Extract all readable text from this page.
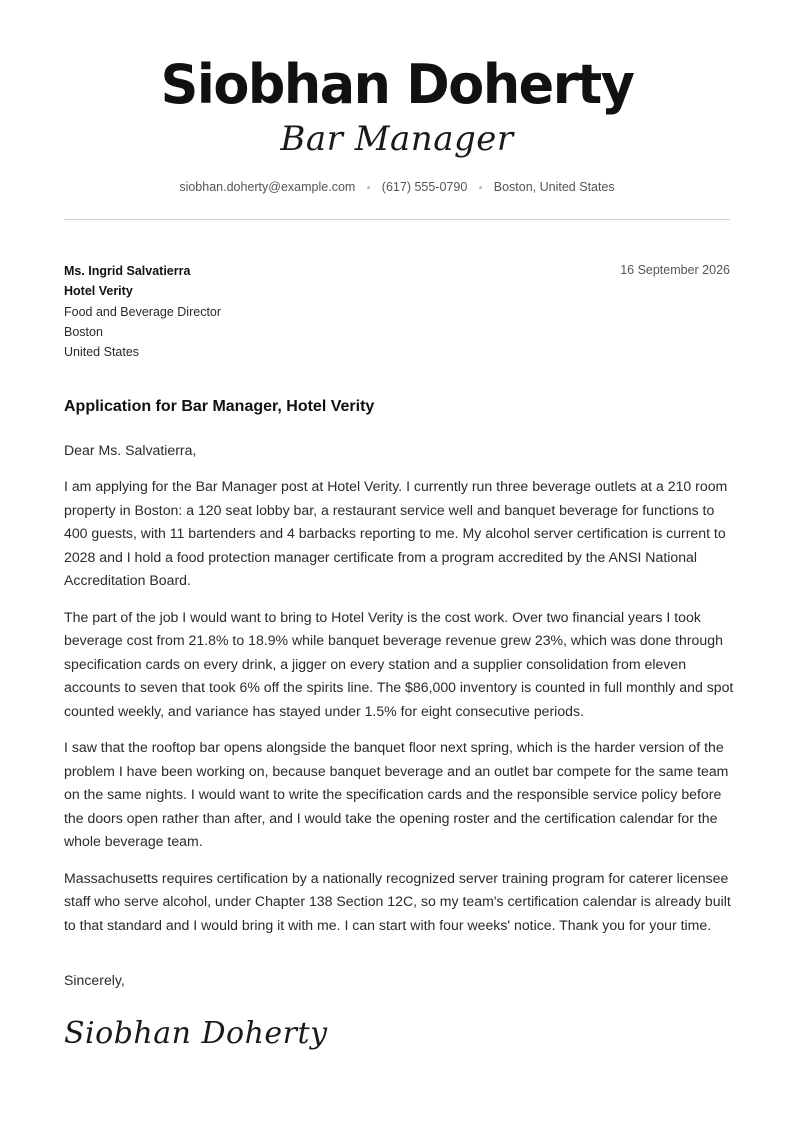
Siobhan Doherty
Bar Manager
siobhan.doherty@example.com • (617) 555-0790 • Boston, United States
Ms. Ingrid Salvatierra
Hotel Verity
Food and Beverage Director
Boston
United States
16 September 2026
Application for Bar Manager, Hotel Verity

Dear Ms. Salvatierra,

I am applying for the Bar Manager post at Hotel Verity. I currently run three beverage outlets at a 210 room property in Boston: a 120 seat lobby bar, a restaurant service well and banquet beverage for functions to 400 guests, with 11 bartenders and 4 barbacks reporting to me. My alcohol server certification is current to 2028 and I hold a food protection manager certificate from a program accredited by the ANSI National Accreditation Board.

The part of the job I would want to bring to Hotel Verity is the cost work. Over two financial years I took beverage cost from 21.8% to 18.9% while banquet beverage revenue grew 23%, which was done through specification cards on every drink, a jigger on every station and a supplier consolidation from eleven accounts to seven that took 6% off the spirits line. The $86,000 inventory is counted in full monthly and spot counted weekly, and variance has stayed under 1.5% for eight consecutive periods.

I saw that the rooftop bar opens alongside the banquet floor next spring, which is the harder version of the problem I have been working on, because banquet beverage and an outlet bar compete for the same team on the same nights. I would want to write the specification cards and the responsible service policy before the doors open rather than after, and I would take the opening roster and the certification calendar for the whole beverage team.

Massachusetts requires certification by a nationally recognized server training program for caterer licensee staff who serve alcohol, under Chapter 138 Section 12C, so my team's certification calendar is already built to that standard and I would bring it with me. I can start with four weeks' notice. Thank you for your time.

Sincerely,
Siobhan Doherty
